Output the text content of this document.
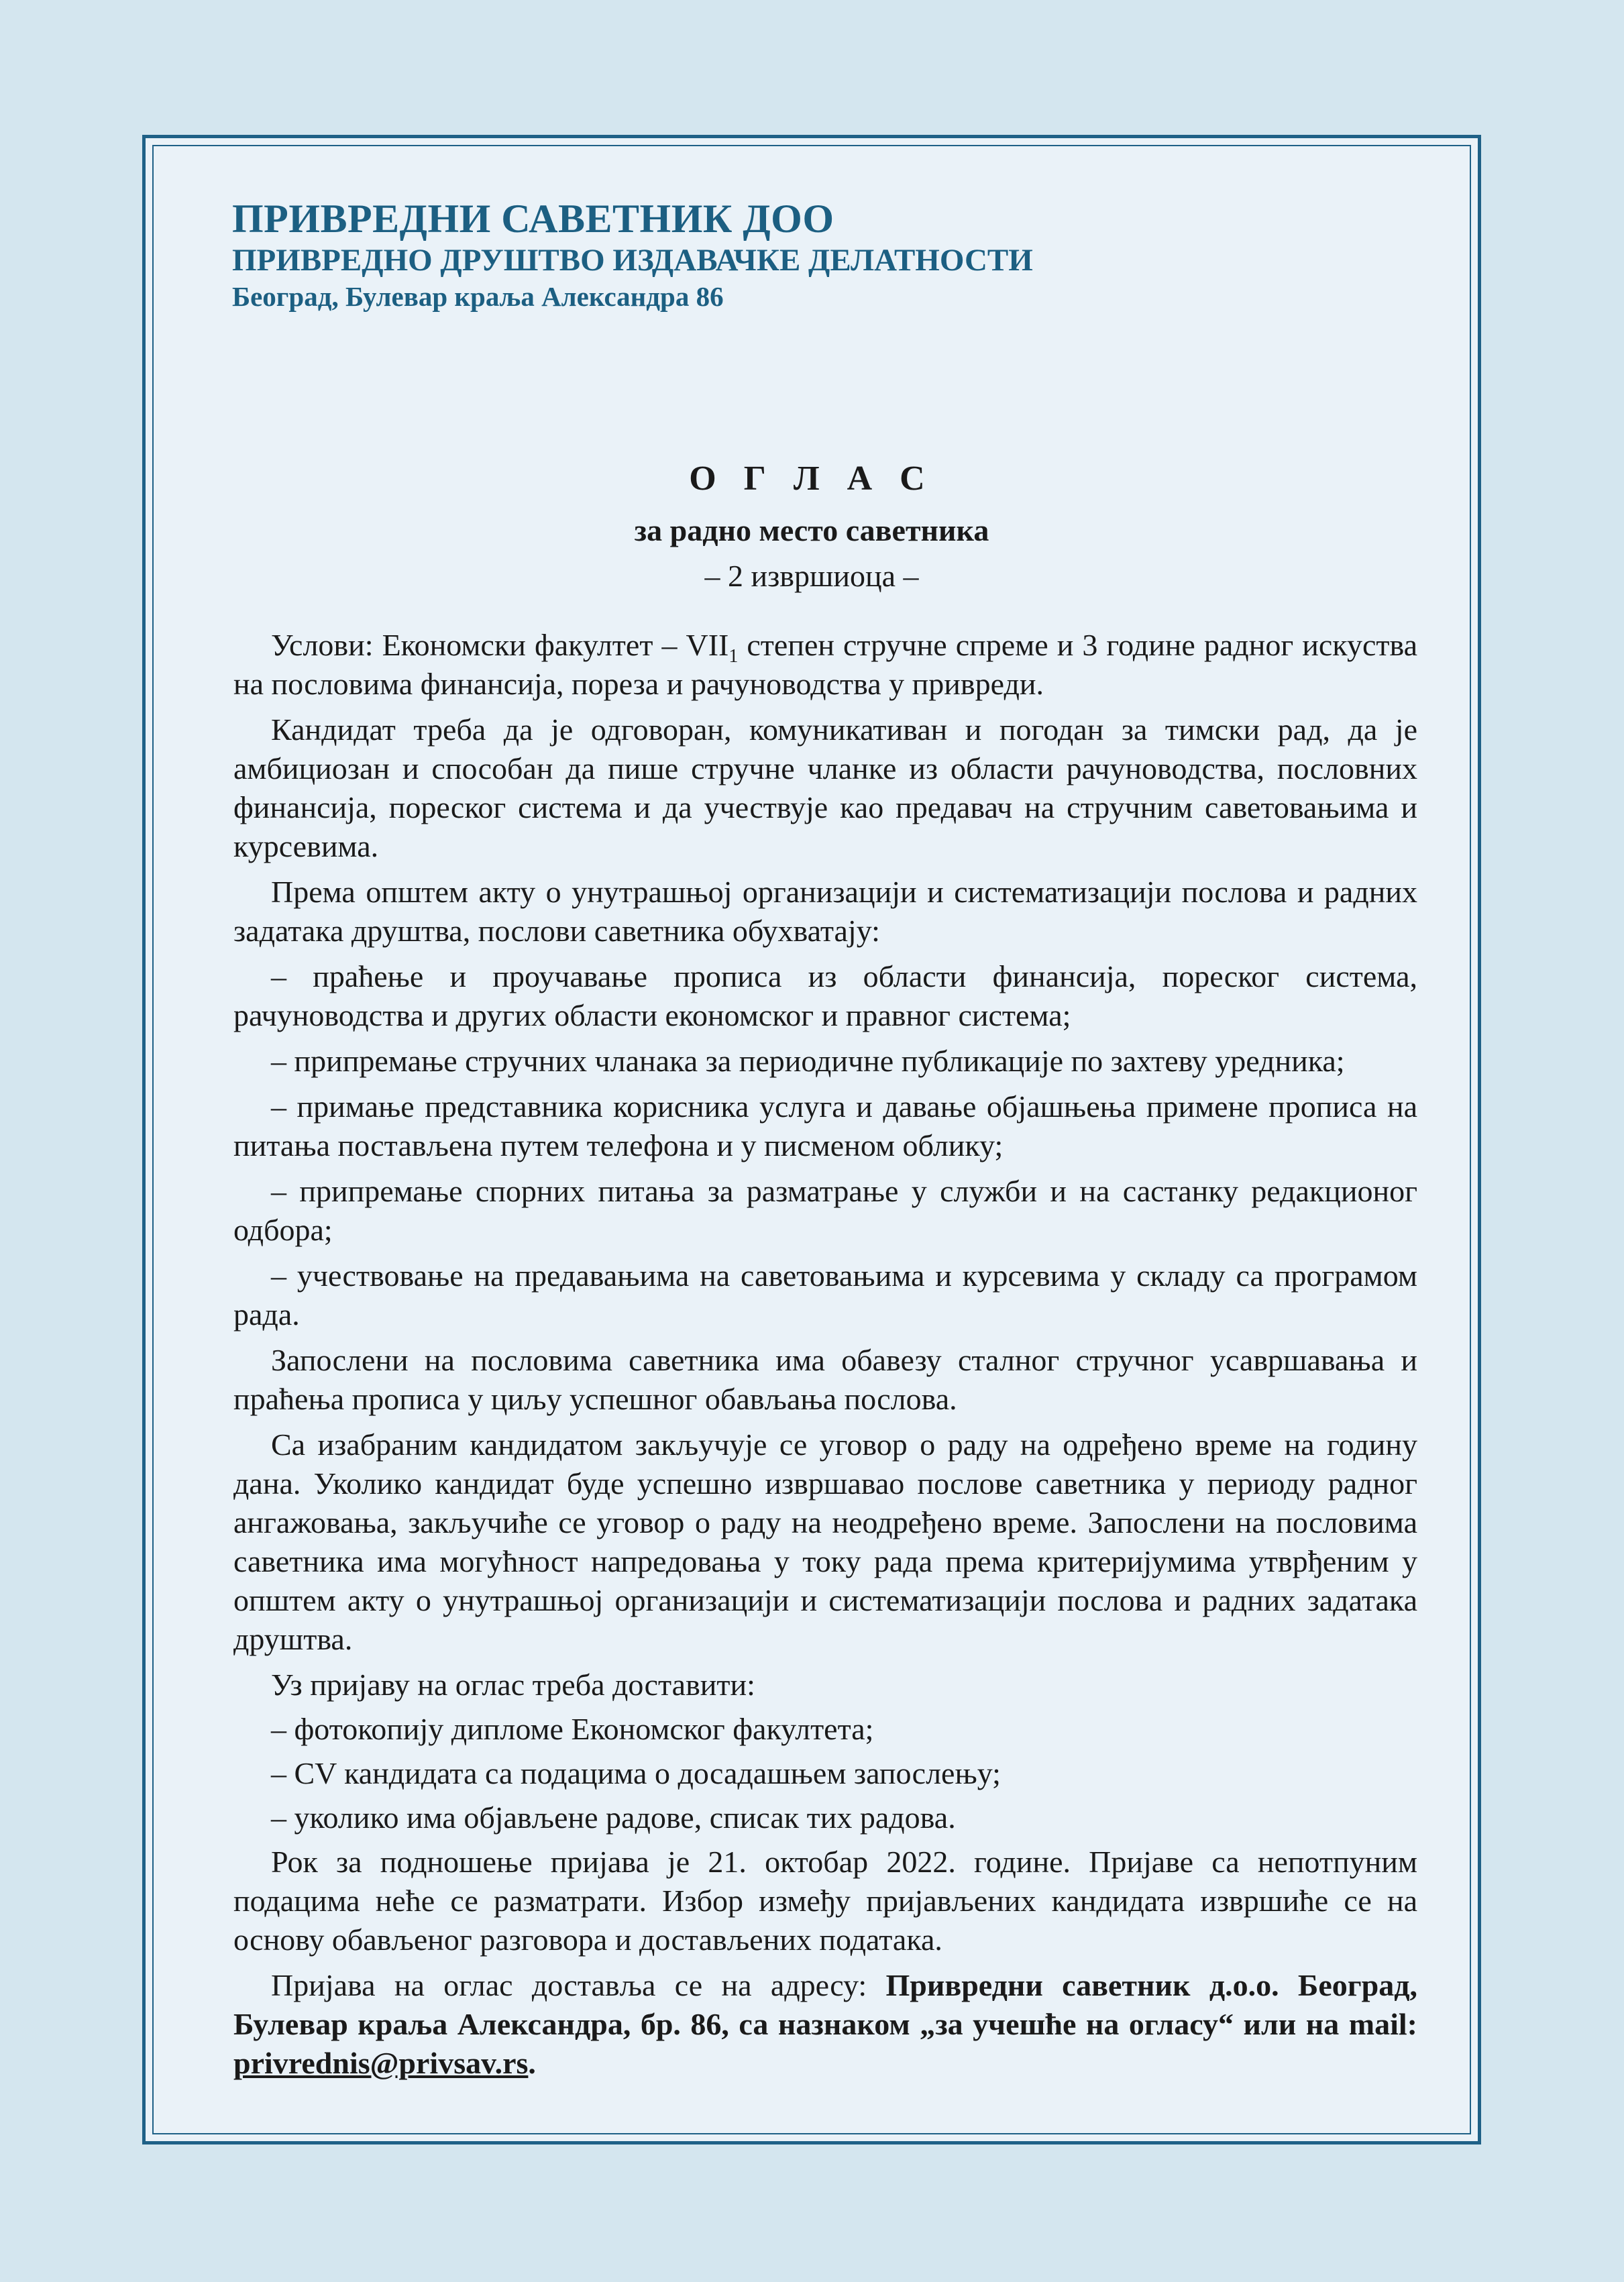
ПРИВРЕДНИ САВЕТНИК ДОО
ПРИВРЕДНО ДРУШТВО ИЗДАВАЧКЕ ДЕЛАТНОСТИ
Београд, Булевар краља Александра 86
О Г Л А С
за радно место саветника
– 2 извршиоца –

Услови: Економски факултет – $VII_1$ степен стручне спреме и 3 године радног искуства на пословима финансија, пореза и рачуноводства у привреди.

Кандидат треба да је одговоран, комуникативан и погодан за тимски рад, да је амбициозан и способан да пише стручне чланке из области рачуноводства, пословних финансија, пореског система и да учествује као предавач на стручним саветовањима и курсевима.

Према општем акту о унутрашњој организацији и систематизацији послова и радних задатака друштва, послови саветника обухватају:

– праћење и проучавање прописа из области финансија, пореског система, рачуноводства и других области економског и правног система;

– припремање стручних чланака за периодичне публикације по захтеву уредника;

– примање представника корисника услуга и давање објашњења примене прописа на питања постављена путем телефона и у писменом облику;

– припремање спорних питања за разматрање у служби и на састанку редакционог одбора;

– учествовање на предавањима на саветовањима и курсевима у складу са програмом рада.

Запослени на пословима саветника има обавезу сталног стручног усавршавања и праћења прописа у циљу успешног обављања послова.

Са изабраним кандидатом закључује се уговор о раду на одређено време на годину дана. Уколико кандидат буде успешно извршавао послове саветника у периоду радног ангажовања, закључиће се уговор о раду на неодређено време. Запослени на пословима саветника има могућност напредовања у току рада према критеријумима утврђеним у општем акту о унутрашњој организацији и систематизацији послова и радних задатака друштва.

Уз пријаву на оглас треба доставити:

– фотокопију дипломе Економског факултета;

– CV кандидата са подацима о досадашњем запослењу;

– уколико има објављене радове, списак тих радова.

Рок за подношење пријава је 21. октобар 2022. године. Пријаве са непотпуним подацима неће се разматрати. Избор између пријављених кандидата извршиће се на основу обављеног разговора и достављених података.

Пријава на оглас доставља се на адресу: Привредни саветник д.о.о. Београд, Булевар краља Александра, бр. 86, са назнаком „за учешће на огласу“ или на mail: privrednis@privsav.rs.
